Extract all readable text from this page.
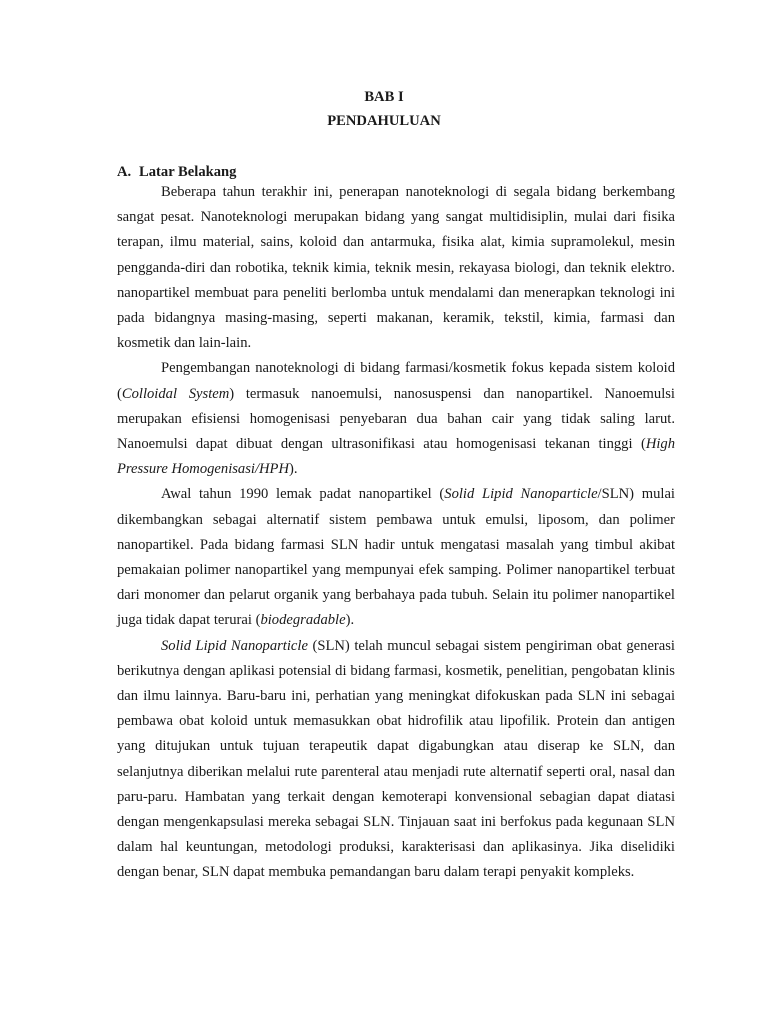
BAB I

PENDAHULUAN

A. Latar Belakang

Beberapa tahun terakhir ini, penerapan nanoteknologi di segala bidang berkembang sangat pesat. Nanoteknologi merupakan bidang yang sangat multidisiplin, mulai dari fisika terapan, ilmu material, sains, koloid dan antarmuka, fisika alat, kimia supramolekul, mesin pengganda-diri dan robotika, teknik kimia, teknik mesin, rekayasa biologi, dan teknik elektro. nanopartikel membuat para peneliti berlomba untuk mendalami dan menerapkan teknologi ini pada bidangnya masing-masing, seperti makanan, keramik, tekstil, kimia, farmasi dan kosmetik dan lain-lain.

Pengembangan nanoteknologi di bidang farmasi/kosmetik fokus kepada sistem koloid (Colloidal System) termasuk nanoemulsi, nanosuspensi dan nanopartikel. Nanoemulsi merupakan efisiensi homogenisasi penyebaran dua bahan cair yang tidak saling larut. Nanoemulsi dapat dibuat dengan ultrasonifikasi atau homogenisasi tekanan tinggi (High Pressure Homogenisasi/HPH).

Awal tahun 1990 lemak padat nanopartikel (Solid Lipid Nanoparticle/SLN) mulai dikembangkan sebagai alternatif sistem pembawa untuk emulsi, liposom, dan polimer nanopartikel. Pada bidang farmasi SLN hadir untuk mengatasi masalah yang timbul akibat pemakaian polimer nanopartikel yang mempunyai efek samping. Polimer nanopartikel terbuat dari monomer dan pelarut organik yang berbahaya pada tubuh. Selain itu polimer nanopartikel juga tidak dapat terurai (biodegradable).

Solid Lipid Nanoparticle (SLN) telah muncul sebagai sistem pengiriman obat generasi berikutnya dengan aplikasi potensial di bidang farmasi, kosmetik, penelitian, pengobatan klinis dan ilmu lainnya. Baru-baru ini, perhatian yang meningkat difokuskan pada SLN ini sebagai pembawa obat koloid untuk memasukkan obat hidrofilik atau lipofilik. Protein dan antigen yang ditujukan untuk tujuan terapeutik dapat digabungkan atau diserap ke SLN, dan selanjutnya diberikan melalui rute parenteral atau menjadi rute alternatif seperti oral, nasal dan paru-paru. Hambatan yang terkait dengan kemoterapi konvensional sebagian dapat diatasi dengan mengenkapsulasi mereka sebagai SLN. Tinjauan saat ini berfokus pada kegunaan SLN dalam hal keuntungan, metodologi produksi, karakterisasi dan aplikasinya. Jika diselidiki dengan benar, SLN dapat membuka pemandangan baru dalam terapi penyakit kompleks.
